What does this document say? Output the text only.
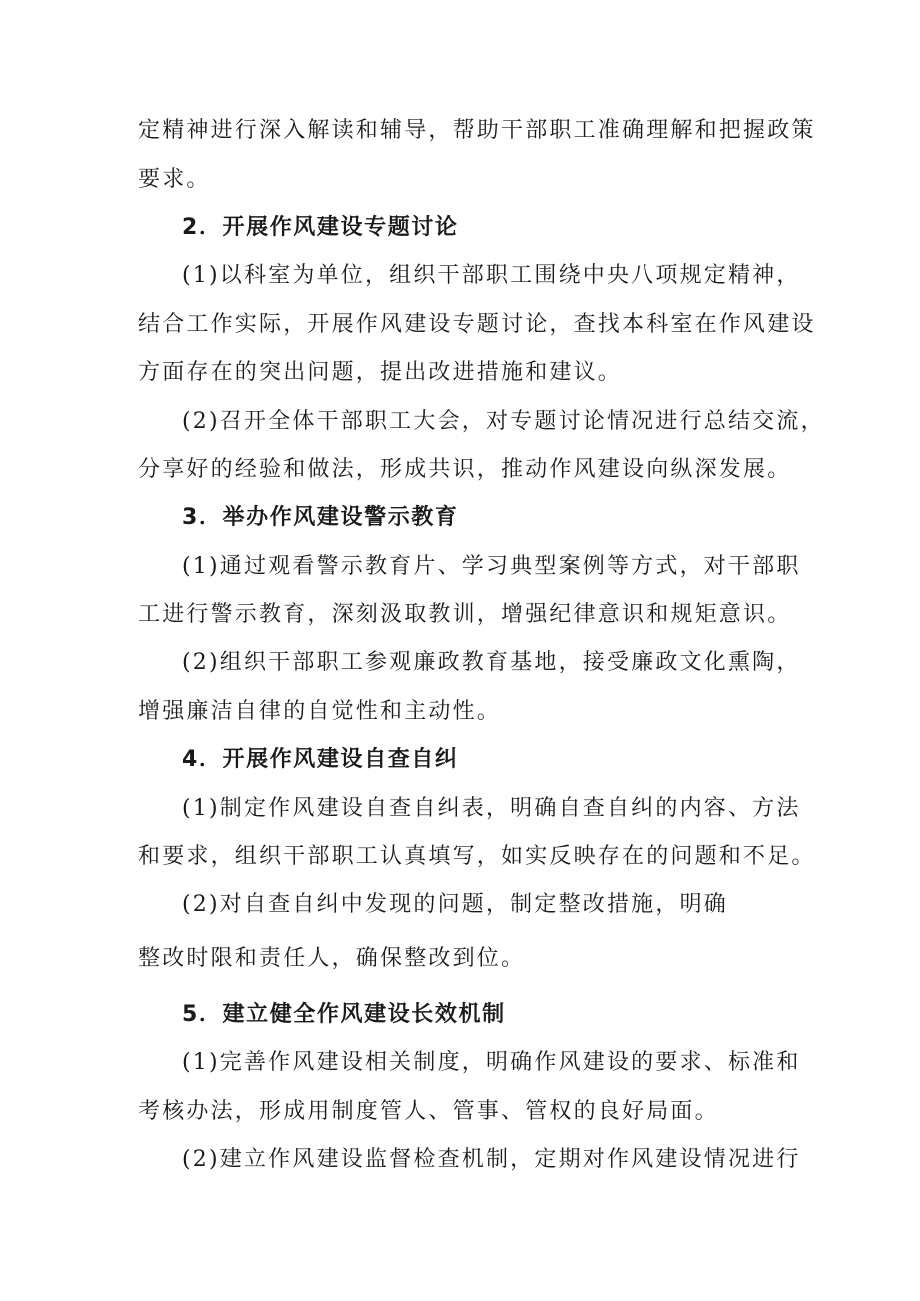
定精神进行深入解读和辅导，帮助干部职工准确理解和把握政策
要求。
2．开展作风建设专题讨论
(1)以科室为单位，组织干部职工围绕中央八项规定精神，
结合工作实际，开展作风建设专题讨论，查找本科室在作风建设
方面存在的突出问题，提出改进措施和建议。
(2)召开全体干部职工大会，对专题讨论情况进行总结交流，
分享好的经验和做法，形成共识，推动作风建设向纵深发展。
3．举办作风建设警示教育
(1)通过观看警示教育片、学习典型案例等方式，对干部职
工进行警示教育，深刻汲取教训，增强纪律意识和规矩意识。
(2)组织干部职工参观廉政教育基地，接受廉政文化熏陶，
增强廉洁自律的自觉性和主动性。
4．开展作风建设自查自纠
(1)制定作风建设自查自纠表，明确自查自纠的内容、方法
和要求，组织干部职工认真填写，如实反映存在的问题和不足。
(2)对自查自纠中发现的问题，制定整改措施，明确
整改时限和责任人，确保整改到位。
5．建立健全作风建设长效机制
(1)完善作风建设相关制度，明确作风建设的要求、标准和
考核办法，形成用制度管人、管事、管权的良好局面。
(2)建立作风建设监督检查机制，定期对作风建设情况进行
